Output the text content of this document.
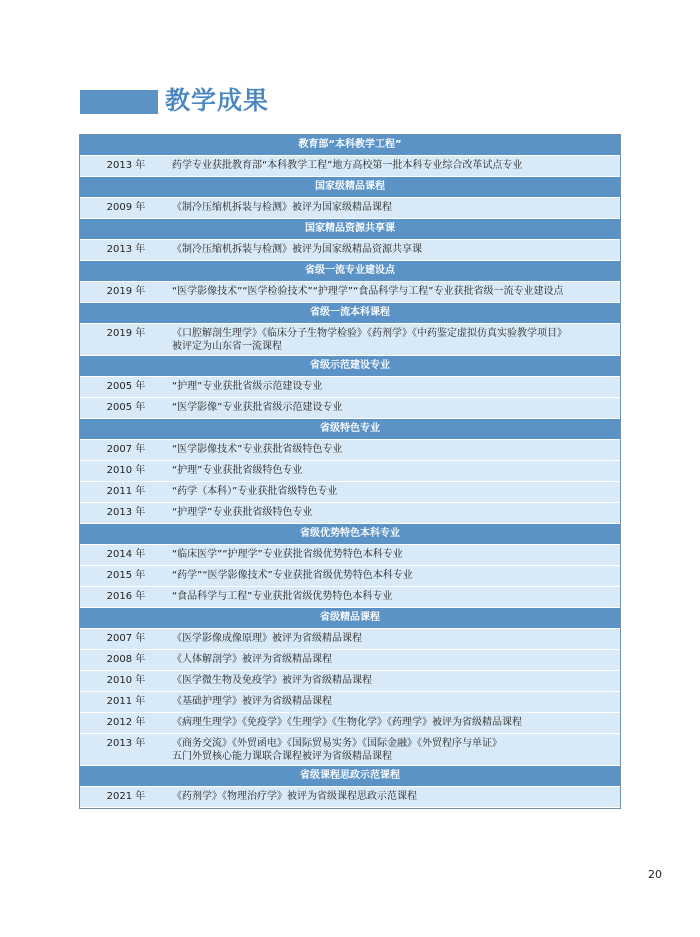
教学成果
教育部“本科教学工程”
2013 年	药学专业获批教育部“本科教学工程”地方高校第一批本科专业综合改革试点专业
国家级精品课程
2009 年	《制冷压缩机拆装与检测》被评为国家级精品课程
国家精品资源共享课
2013 年	《制冷压缩机拆装与检测》被评为国家级精品资源共享课
省级一流专业建设点
2019 年	“医学影像技术”“医学检验技术”“护理学”“食品科学与工程”专业获批省级一流专业建设点
省级一流本科课程
2019 年	《口腔解剖生理学》《临床分子生物学检验》《药剂学》《中药鉴定虚拟仿真实验教学项目》
被评定为山东省一流课程
省级示范建设专业
2005 年	“护理”专业获批省级示范建设专业
2005 年	“医学影像”专业获批省级示范建设专业
省级特色专业
2007 年	“医学影像技术”专业获批省级特色专业
2010 年	“护理”专业获批省级特色专业
2011 年	“药学（本科）”专业获批省级特色专业
2013 年	“护理学”专业获批省级特色专业
省级优势特色本科专业
2014 年	“临床医学”“护理学”专业获批省级优势特色本科专业
2015 年	“药学”“医学影像技术”专业获批省级优势特色本科专业
2016 年	“食品科学与工程”专业获批省级优势特色本科专业
省级精品课程
2007 年	《医学影像成像原理》被评为省级精品课程
2008 年	《人体解剖学》被评为省级精品课程
2010 年	《医学微生物及免疫学》被评为省级精品课程
2011 年	《基础护理学》被评为省级精品课程
2012 年	《病理生理学》《免疫学》《生理学》《生物化学》《药理学》被评为省级精品课程
2013 年	《商务交流》《外贸函电》《国际贸易实务》《国际金融》《外贸程序与单证》
五门外贸核心能力课联合课程被评为省级精品课程
省级课程思政示范课程
2021 年	《药剂学》《物理治疗学》被评为省级课程思政示范课程
20
